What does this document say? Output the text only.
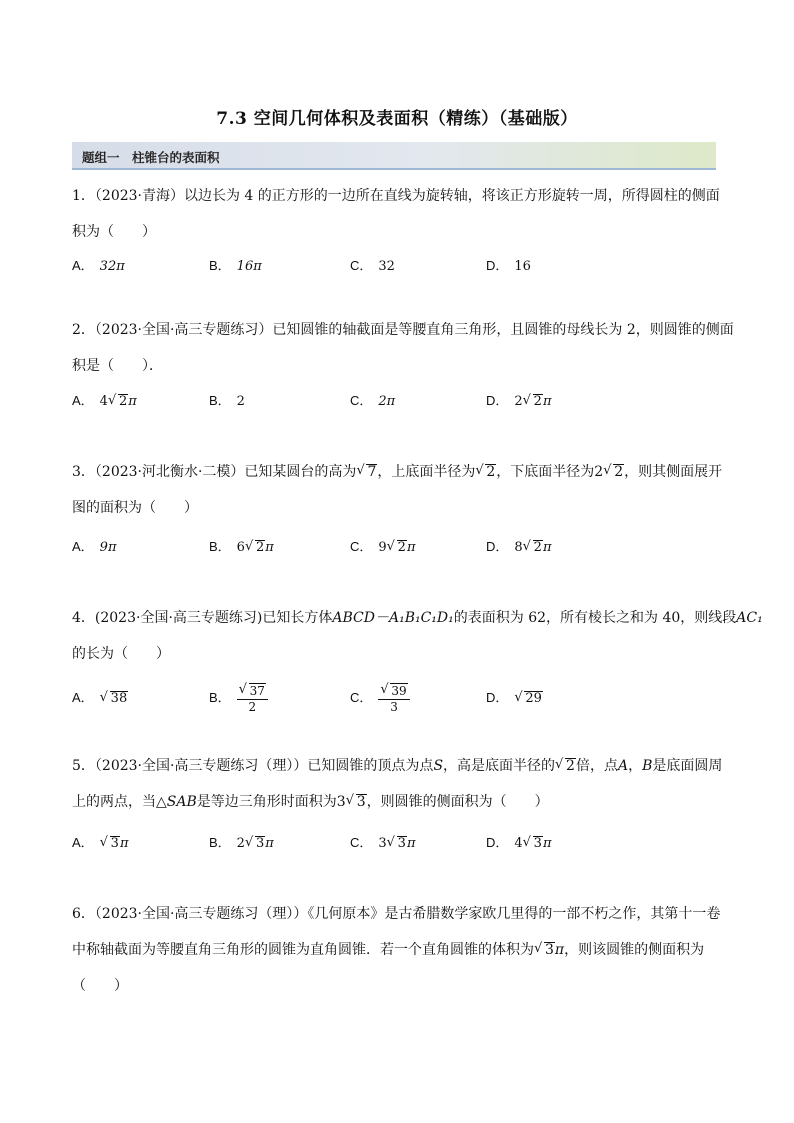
7.3 空间几何体积及表面积（精练）（基础版）
题组一　柱锥台的表面积
1．（2023·青海）以边长为 4 的正方形的一边所在直线为旋转轴，将该正方形旋转一周，所得圆柱的侧面
积为（　　）
A． 32π	B． 16π	C． 32	D． 16
2．（2023·全国·高三专题练习）已知圆锥的轴截面是等腰直角三角形，且圆锥的母线长为 2，则圆锥的侧面
积是（　　）．
A． 4 √ 2π	B． 2	C． 2π	D． 2 √ 2π
3．（2023·河北衡水·二模）已知某圆台的高为 √ 7，上底面半径为 √ 2，下底面半径为2 √ 2，则其侧面展开
图的面积为（　　）
A． 9π	B． 6 √ 2π	C． 9 √ 2π	D． 8 √ 2π
4．(2023·全国·高三专题练习)已知长方体ABCD－A₁B₁C₁D₁的表面积为 62，所有棱长之和为 40，则线段AC₁
的长为（　　）
A． √ 38	B． √ $\frac{37}{2}$	C． √ $\frac{39}{3}$	D． √ 29
5．（2023·全国·高三专题练习（理））已知圆锥的顶点为点S，高是底面半径的 √ 2倍，点A，B是底面圆周
上的两点，当△SAB是等边三角形时面积为3 √ 3，则圆锥的侧面积为（　　）
A． √ 3π	B． 2 √ 3π	C． 3 √ 3π	D． 4 √ 3π
6．（2023·全国·高三专题练习（理））《几何原本》是古希腊数学家欧几里得的一部不朽之作，其第十一卷
中称轴截面为等腰直角三角形的圆锥为直角圆锥．若一个直角圆锥的体积为 √ 3π，则该圆锥的侧面积为
（　　）
